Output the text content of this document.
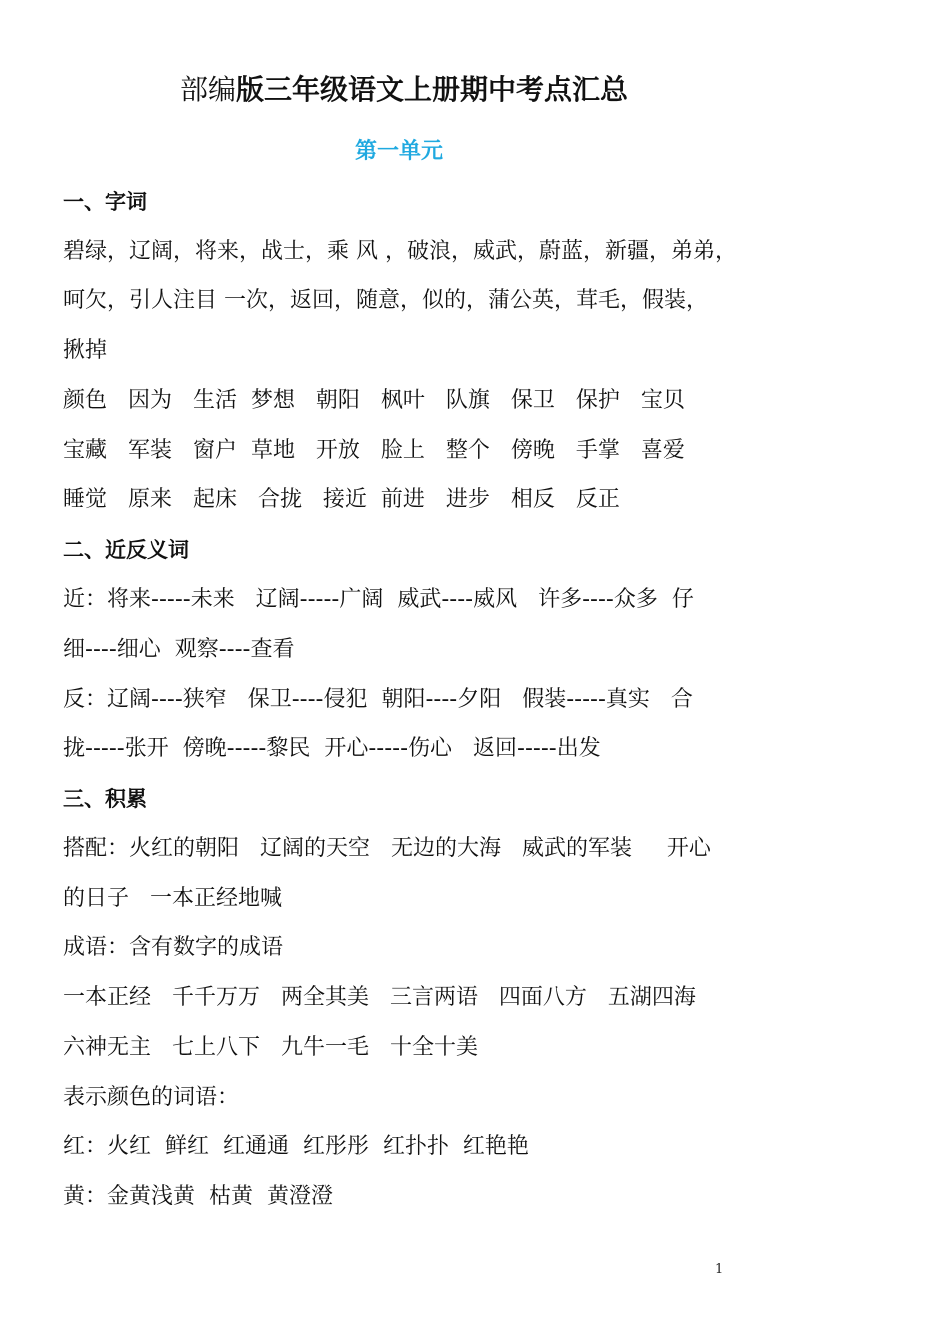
部编版三年级语文上册期中考点汇总
第一单元
一、字词
碧绿，辽阔，将来，战士，乘 风 ，破浪，威武，蔚蓝，新疆，弟弟，
呵欠，引人注目 一次，返回，随意，似的，蒲公英，茸毛，假装，
揪掉
颜色   因为   生活  梦想   朝阳   枫叶   队旗   保卫   保护   宝贝
宝藏   军装   窗户  草地   开放   脸上   整个   傍晚   手掌   喜爱
睡觉   原来   起床   合拢   接近  前进   进步   相反   反正
二、近反义词
近：将来-----未来   辽阔-----广阔  威武----威风   许多----众多  仔
细----细心  观察----查看
反：辽阔----狭窄   保卫----侵犯  朝阳----夕阳   假装-----真实   合
拢-----张开  傍晚-----黎民  开心-----伤心   返回-----出发
三、积累
搭配：火红的朝阳   辽阔的天空   无边的大海   威武的军装     开心
的日子   一本正经地喊
成语：含有数字的成语
一本正经   千千万万   两全其美   三言两语   四面八方   五湖四海
六神无主   七上八下   九牛一毛   十全十美
表示颜色的词语：
红：火红  鲜红  红通通  红彤彤  红扑扑  红艳艳
黄：金黄浅黄  枯黄  黄澄澄
1
